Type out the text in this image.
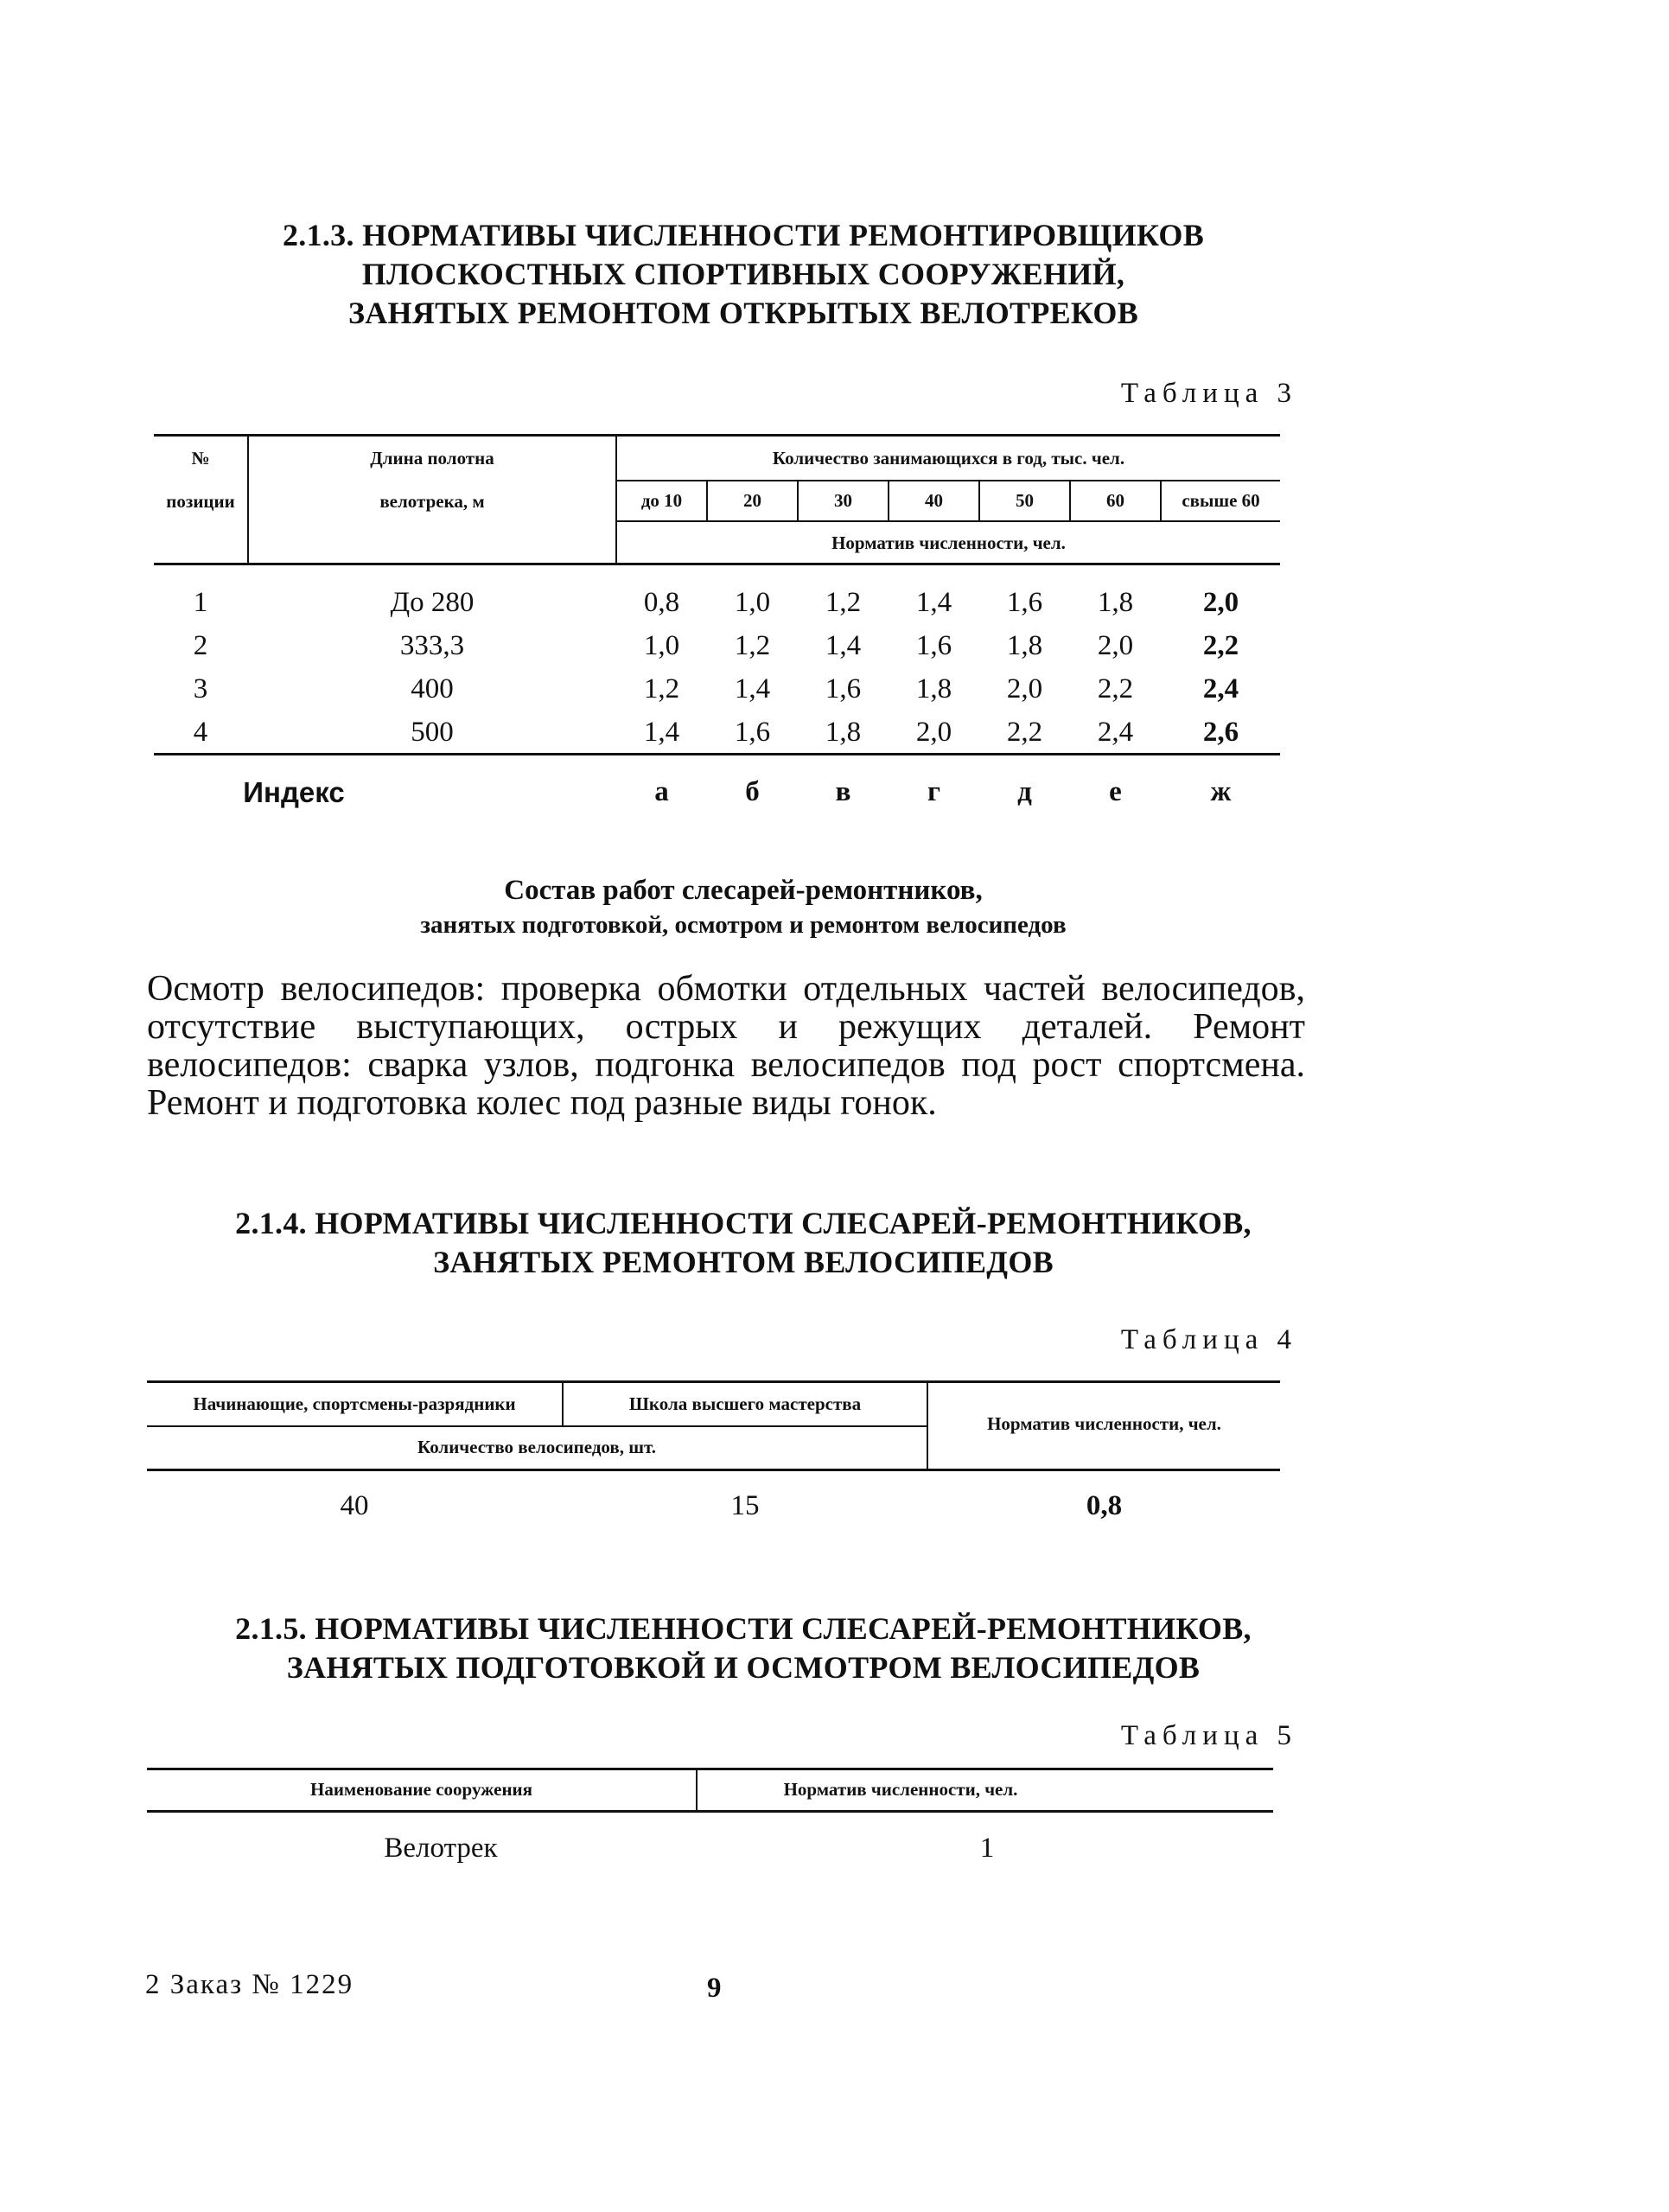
2.1.3. НОРМАТИВЫ ЧИСЛЕННОСТИ РЕМОНТИРОВЩИКОВ
ПЛОСКОСТНЫХ СПОРТИВНЫХ СООРУЖЕНИЙ,
ЗАНЯТЫХ РЕМОНТОМ ОТКРЫТЫХ ВЕЛОТРЕКОВ
Таблица 3
№
позиции
Длина полотна
велотрека, м
Количество занимающихся в год, тыс. чел.
до 10	20	30	40	50	60	свыше 60
Норматив численности, чел.
1	До 280	0,8	1,0	1,2	1,4	1,6	1,8	2,0
2	333,3	1,0	1,2	1,4	1,6	1,8	2,0	2,2
3	400	1,2	1,4	1,6	1,8	2,0	2,2	2,4
4	500	1,4	1,6	1,8	2,0	2,2	2,4	2,6
Индекс	а	б	в	г	д	е	ж
Состав работ слесарей-ремонтников,
занятых подготовкой, осмотром и ремонтом велосипедов
Осмотр велосипедов: проверка обмотки отдельных частей велосипедов, отсутствие выступающих, острых и режущих деталей. Ремонт велосипедов: сварка узлов, подгонка велосипедов под рост спортсмена. Ремонт и подготовка колес под разные виды гонок.
2.1.4. НОРМАТИВЫ ЧИСЛЕННОСТИ СЛЕСАРЕЙ-РЕМОНТНИКОВ,
ЗАНЯТЫХ РЕМОНТОМ ВЕЛОСИПЕДОВ
Таблица 4
Начинающие, спортсмены-разрядники	Школа высшего мастерства
Норматив численности, чел.
Количество велосипедов, шт.
40	15	0,8
2.1.5. НОРМАТИВЫ ЧИСЛЕННОСТИ СЛЕСАРЕЙ-РЕМОНТНИКОВ,
ЗАНЯТЫХ ПОДГОТОВКОЙ И ОСМОТРОМ ВЕЛОСИПЕДОВ
Таблица 5
Наименование сооружения	Норматив численности, чел.
Велотрек	1
2 Заказ № 1229	9
